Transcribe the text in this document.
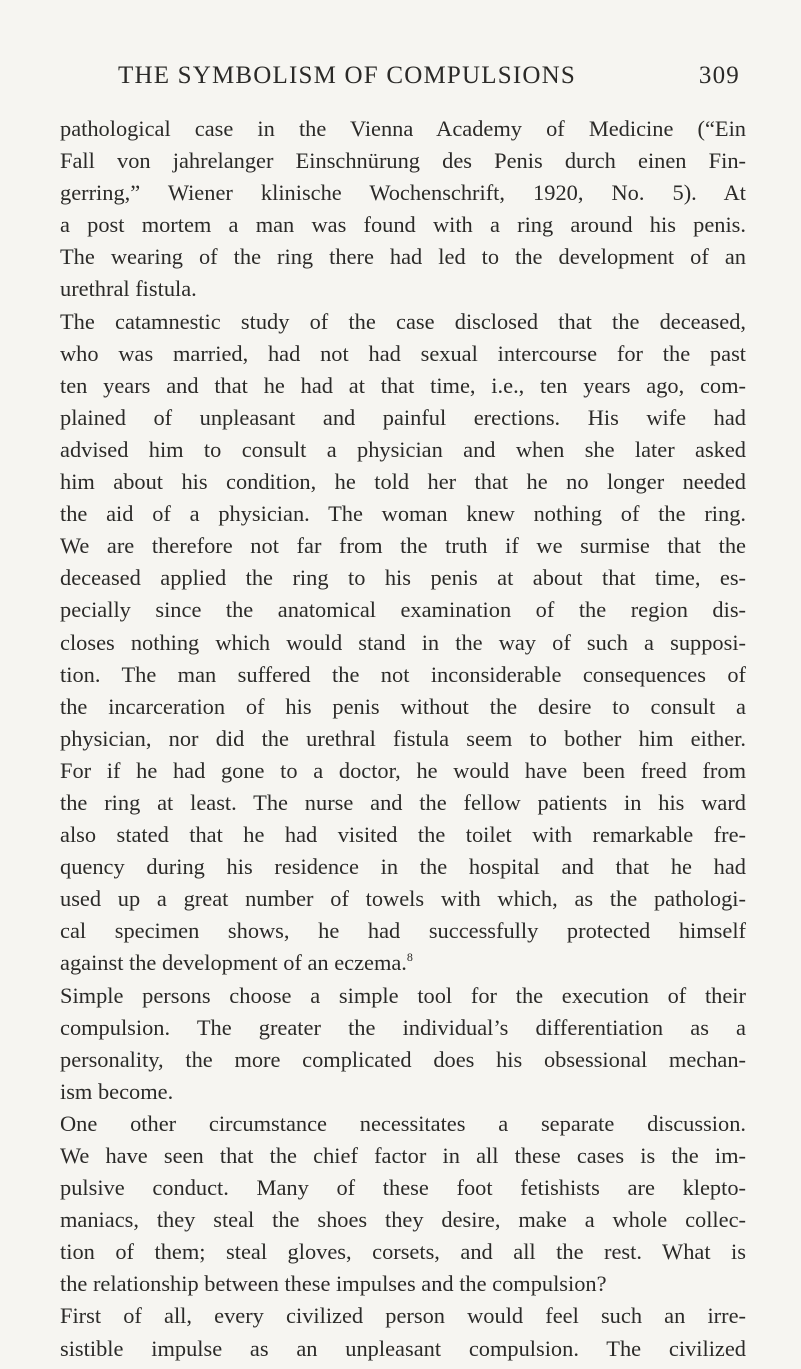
THE SYMBOLISM OF COMPULSIONS	309
pathological case in the Vienna Academy of Medicine (“Ein
Fall von jahrelanger Einschnürung des Penis durch einen Fin-
gerring,” Wiener klinische Wochenschrift, 1920, No. 5). At
a post mortem a man was found with a ring around his penis.
The wearing of the ring there had led to the development of an
urethral fistula.
The catamnestic study of the case disclosed that the deceased,
who was married, had not had sexual intercourse for the past
ten years and that he had at that time, i.e., ten years ago, com-
plained of unpleasant and painful erections. His wife had
advised him to consult a physician and when she later asked
him about his condition, he told her that he no longer needed
the aid of a physician. The woman knew nothing of the ring.
We are therefore not far from the truth if we surmise that the
deceased applied the ring to his penis at about that time, es-
pecially since the anatomical examination of the region dis-
closes nothing which would stand in the way of such a supposi-
tion. The man suffered the not inconsiderable consequences of
the incarceration of his penis without the desire to consult a
physician, nor did the urethral fistula seem to bother him either.
For if he had gone to a doctor, he would have been freed from
the ring at least. The nurse and the fellow patients in his ward
also stated that he had visited the toilet with remarkable fre-
quency during his residence in the hospital and that he had
used up a great number of towels with which, as the pathologi-
cal specimen shows, he had successfully protected himself
against the development of an eczema.$^8$
Simple persons choose a simple tool for the execution of their
compulsion. The greater the individual’s differentiation as a
personality, the more complicated does his obsessional mechan-
ism become.
One other circumstance necessitates a separate discussion.
We have seen that the chief factor in all these cases is the im-
pulsive conduct. Many of these foot fetishists are klepto-
maniacs, they steal the shoes they desire, make a whole collec-
tion of them; steal gloves, corsets, and all the rest. What is
the relationship between these impulses and the compulsion?
First of all, every civilized person would feel such an irre-
sistible impulse as an unpleasant compulsion. The civilized
